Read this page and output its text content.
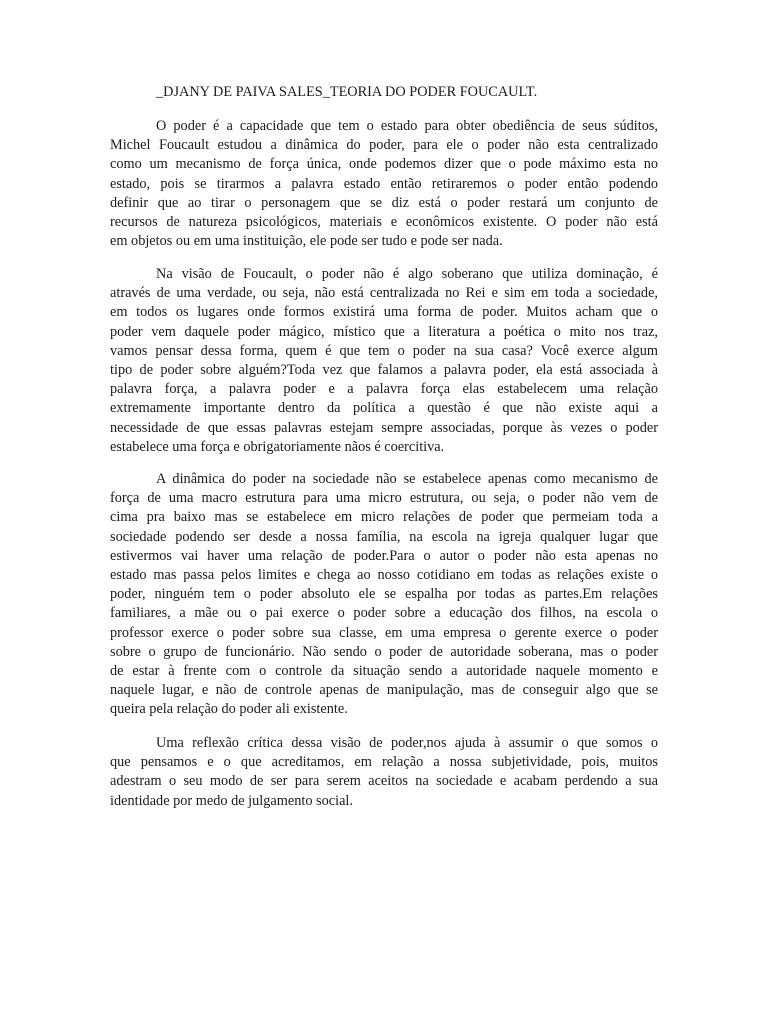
_DJANY DE PAIVA SALES_TEORIA DO PODER FOUCAULT.
O poder é a capacidade que tem o estado para obter obediência de seus súditos,
Michel Foucault estudou a dinâmica do poder, para ele o poder não esta centralizado
como um mecanismo de força única, onde podemos dizer que o pode máximo esta no
estado, pois se tirarmos a palavra estado então retiraremos o poder então podendo
definir que ao tirar o personagem que se diz está o poder restará um conjunto de
recursos de natureza psicológicos, materiais e econômicos existente. O poder não está
em objetos ou em uma instituição, ele pode ser tudo e pode ser nada.
Na visão de Foucault, o poder não é algo soberano que utiliza dominação, é
através de uma verdade, ou seja, não está centralizada no Rei e sim em toda a sociedade,
em todos os lugares onde formos existirá uma forma de poder. Muitos acham que o
poder vem daquele poder mágico, místico que a literatura a poética o mito nos traz,
vamos pensar dessa forma, quem é que tem o poder na sua casa? Você exerce algum
tipo de poder sobre alguém?Toda vez que falamos a palavra poder, ela está associada à
palavra força, a palavra poder e a palavra força elas estabelecem uma relação
extremamente importante dentro da política a questão é que não existe aqui a
necessidade de que essas palavras estejam sempre associadas, porque às vezes o poder
estabelece uma força e obrigatoriamente nãos é coercitiva.
A dinâmica do poder na sociedade não se estabelece apenas como mecanismo de
força de uma macro estrutura para uma micro estrutura, ou seja, o poder não vem de
cima pra baixo mas se estabelece em micro relações de poder que permeiam toda a
sociedade podendo ser desde a nossa família, na escola na igreja qualquer lugar que
estivermos vai haver uma relação de poder.Para o autor o poder não esta apenas no
estado mas passa pelos limites e chega ao nosso cotidiano em todas as relações existe o
poder, ninguém tem o poder absoluto ele se espalha por todas as partes.Em relações
familiares, a mãe ou o pai exerce o poder sobre a educação dos filhos, na escola o
professor exerce o poder sobre sua classe, em uma empresa o gerente exerce o poder
sobre o grupo de funcionário. Não sendo o poder de autoridade soberana, mas o poder
de estar à frente com o controle da situação sendo a autoridade naquele momento e
naquele lugar, e não de controle apenas de manipulação, mas de conseguir algo que se
queira pela relação do poder ali existente.
Uma reflexão crítica dessa visão de poder,nos ajuda à assumir o que somos o
que pensamos e o que acreditamos, em relação a nossa subjetividade, pois, muitos
adestram o seu modo de ser para serem aceitos na sociedade e acabam perdendo a sua
identidade por medo de julgamento social.
